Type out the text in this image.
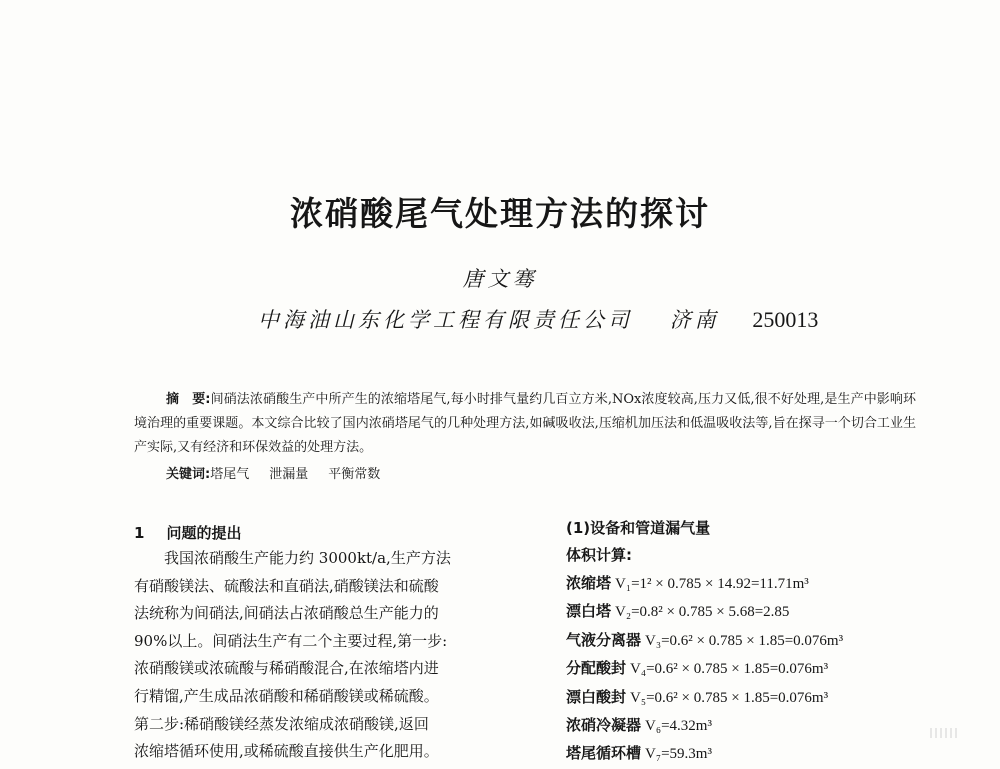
浓硝酸尾气处理方法的探讨
唐文骞
中海油山东化学工程有限责任公司 济南 250013

摘　要:间硝法浓硝酸生产中所产生的浓缩塔尾气,每小时排气量约几百立方米,NOx浓度较高,压力又低,很不好处理,是生产中影响环境治理的重要课题。本文综合比较了国内浓硝塔尾气的几种处理方法,如碱吸收法,压缩机加压法和低温吸收法等,旨在探寻一个切合工业生产实际,又有经济和环保效益的处理方法。

关键词:塔尾气 泄漏量 平衡常数
1 问题的提出
我国浓硝酸生产能力约 3000kt/a,生产方法
有硝酸镁法、硫酸法和直硝法,硝酸镁法和硫酸
法统称为间硝法,间硝法占浓硝酸总生产能力的
90%以上。间硝法生产有二个主要过程,第一步:
浓硝酸镁或浓硫酸与稀硝酸混合,在浓缩塔内进
行精馏,产生成品浓硝酸和稀硝酸镁或稀硫酸。
第二步:稀硝酸镁经蒸发浓缩成浓硝酸镁,返回
浓缩塔循环使用,或稀硫酸直接供生产化肥用。
(1)设备和管道漏气量
体积计算:
浓缩塔 V₁=1² × 0.785 × 14.92=11.71m³
漂白塔 V₂=0.8² × 0.785 × 5.68=2.85
气液分离器 V₃=0.6² × 0.785 × 1.85=0.076m³
分配酸封 V₄=0.6² × 0.785 × 1.85=0.076m³
漂白酸封 V₅=0.6² × 0.785 × 1.85=0.076m³
浓硝冷凝器 V₆=4.32m³
塔尾循环槽 V₇=59.3m³
